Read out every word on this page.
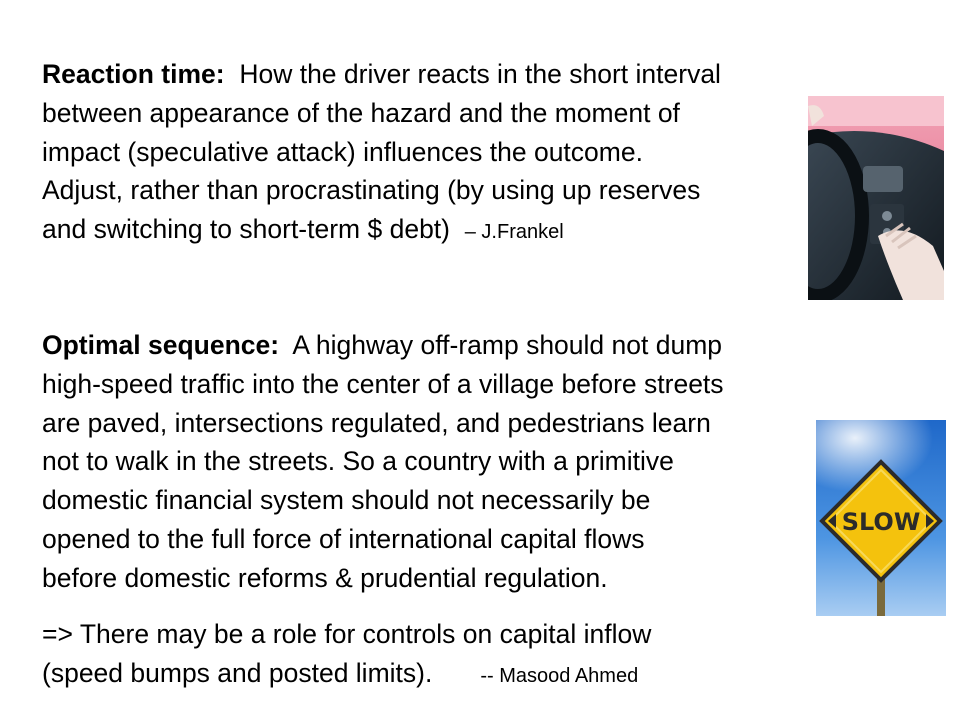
Reaction time: How the driver reacts in the short interval
between appearance of the hazard and the moment of
impact (speculative attack) influences the outcome.
Adjust, rather than procrastinating (by using up reserves
and switching to short-term $ debt) – J.Frankel
Optimal sequence: A highway off-ramp should not dump
high-speed traffic into the center of a village before streets
are paved, intersections regulated, and pedestrians learn
not to walk in the streets. So a country with a primitive
domestic financial system should not necessarily be
opened to the full force of international capital flows
before domestic reforms & prudential regulation.
=> There may be a role for controls on capital inflow
(speed bumps and posted limits). -- Masood Ahmed
SLOW
